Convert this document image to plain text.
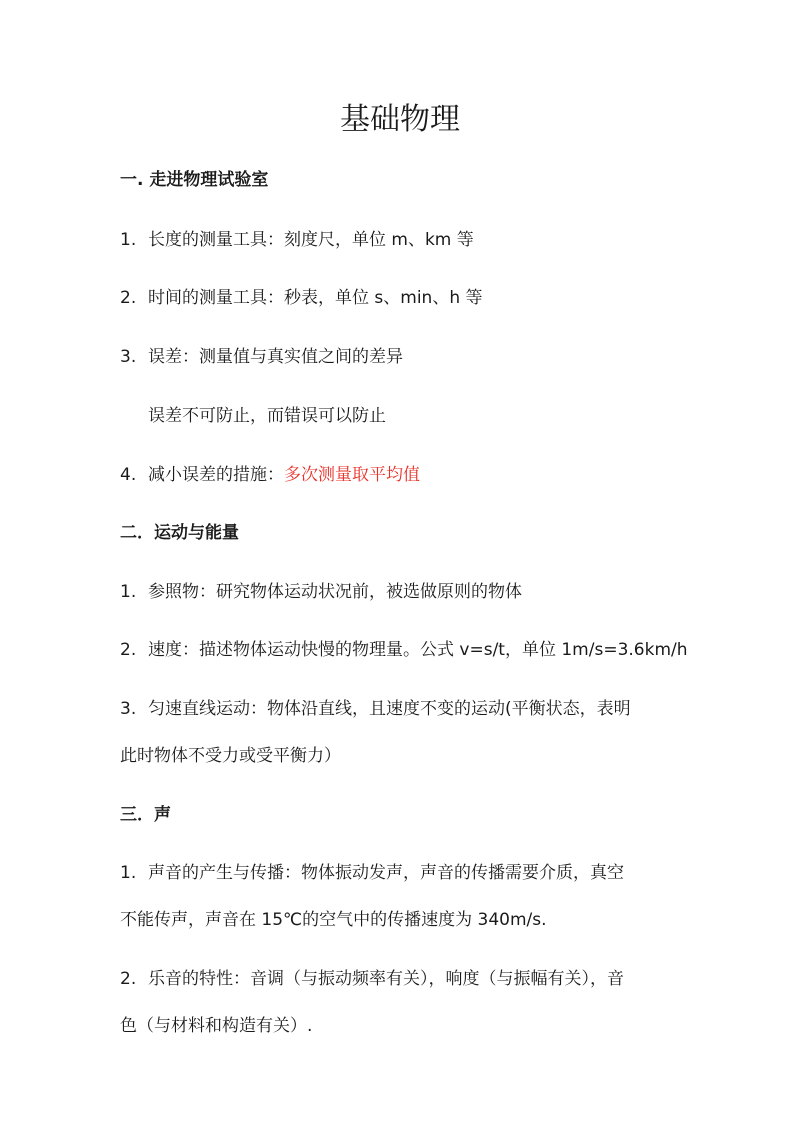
基础物理

一. 走进物理试验室

1. 长度的测量工具：刻度尺，单位 m、km 等

2. 时间的测量工具：秒表，单位 s、min、h 等

3. 误差：测量值与真实值之间的差异

误差不可防止，而错误可以防止

4. 减小误差的措施：多次测量取平均值

二．运动与能量

1. 参照物：研究物体运动状况前，被选做原则的物体

2. 速度：描述物体运动快慢的物理量。公式 v=s/t，单位 1m/s=3.6km/h

3. 匀速直线运动：物体沿直线，且速度不变的运动(平衡状态，表明

此时物体不受力或受平衡力）

三．声

1. 声音的产生与传播：物体振动发声，声音的传播需要介质，真空

不能传声，声音在 15℃的空气中的传播速度为 340m/s.

2. 乐音的特性：音调（与振动频率有关），响度（与振幅有关），音

色（与材料和构造有关）.
